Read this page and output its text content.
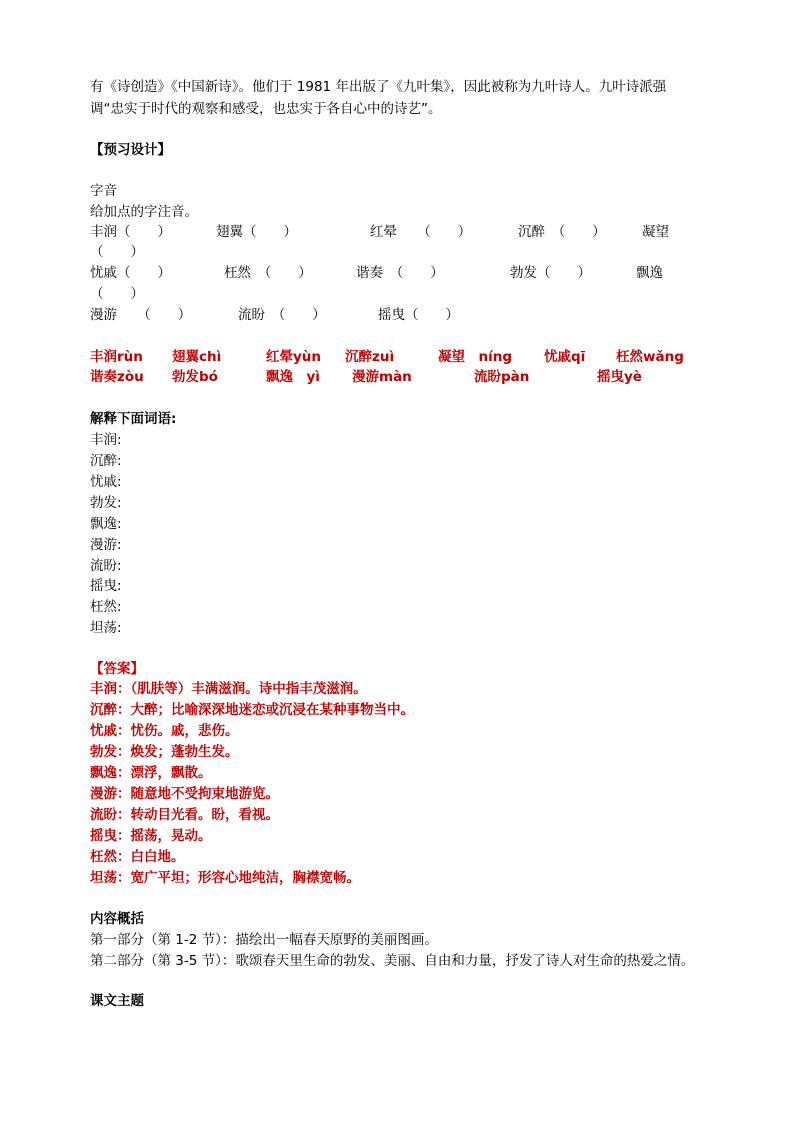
有《诗创造》《中国新诗》。他们于 1981 年出版了《九叶集》，因此被称为九叶诗人。九叶诗派强
调“忠实于时代的观察和感受，也忠实于各自心中的诗艺”。
【预习设计】
字音
给加点的字注音。
丰润（　　）	翅翼（　　）	红晕　　（　　）	沉醉　（　　）	凝望
（　　）
忧戚（　　）	枉然　（　　）	谐奏　（　　）	勃发（　　）	飘逸
（　　）
漫游　　（　　）	流盼　（　　）	摇曳（　　）
丰润rùn 翅翼chì	红晕yùn 沉醉zuì	凝望　níng 忧戚qī 枉然wǎng
谐奏zòu 勃发bó	飘逸　yì 漫游màn	流盼pàn	摇曳yè
解释下面词语:
丰润:
沉醉:
忧戚:
勃发:
飘逸:
漫游:
流盼:
摇曳:
枉然:
坦荡:
【答案】
丰润：（肌肤等）丰满滋润。诗中指丰茂滋润。
沉醉：大醉；比喻深深地迷恋或沉浸在某种事物当中。
忧戚：忧伤。戚，悲伤。
勃发：焕发；蓬勃生发。
飘逸：漂浮，飘散。
漫游：随意地不受拘束地游览。
流盼：转动目光看。盼，看视。
摇曳：摇荡，晃动。
枉然：白白地。
坦荡：宽广平坦；形容心地纯洁，胸襟宽畅。
内容概括
第一部分（第 1-2 节）：描绘出一幅春天原野的美丽图画。
第二部分（第 3-5 节）：歌颂春天里生命的勃发、美丽、自由和力量，抒发了诗人对生命的热爱之情。
课文主题
